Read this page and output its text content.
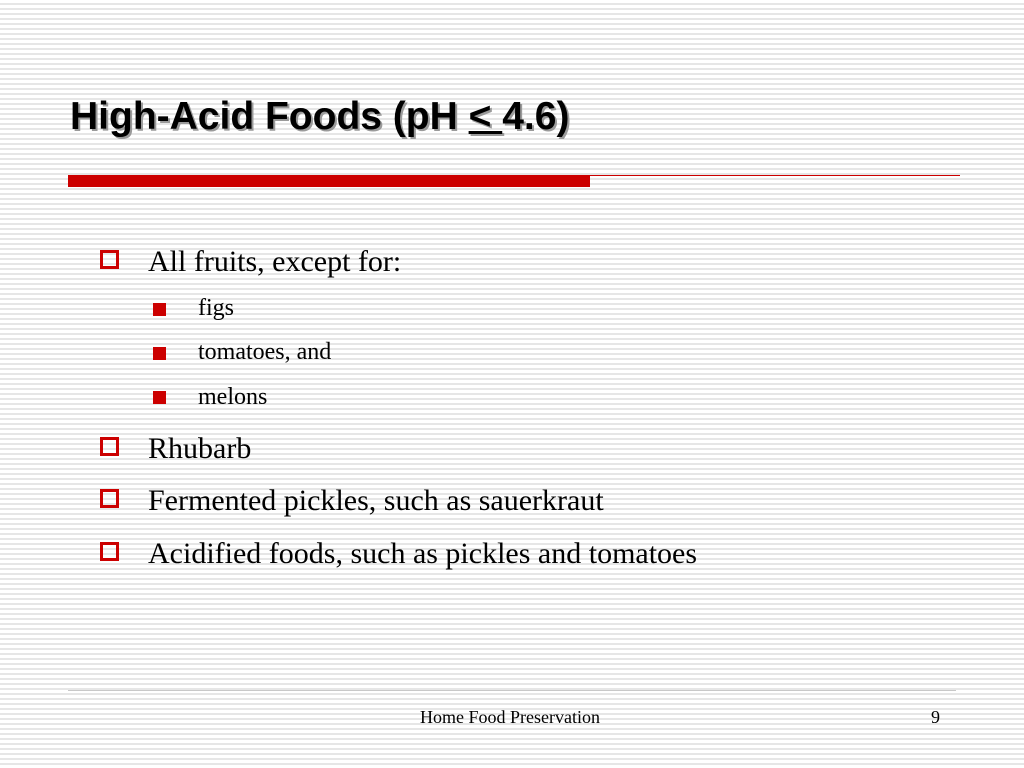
High-Acid Foods (pH < 4.6)
All fruits, except for:
figs
tomatoes, and
melons
Rhubarb
Fermented pickles, such as sauerkraut
Acidified foods, such as pickles and tomatoes
Home Food Preservation	9
